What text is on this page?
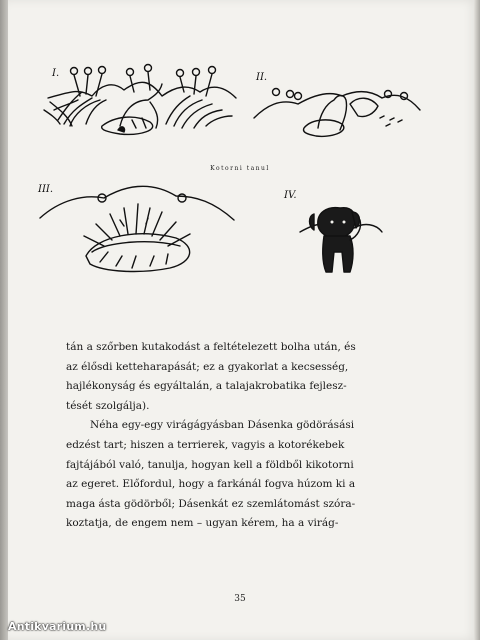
I.	II.
III.
IV.
Kotorni tanul

tán a szőrben kutakodást a feltételezett bolha után, és
az élősdi ketteharapását; ez a gyakorlat a kecsesség,
hajlékonyság és egyáltalán, a talajakrobatika fejlesz-
tését szolgálja).

Néha egy-egy virágágyásban Dásenka gödörásási
edzést tart; hiszen a terrierek, vagyis a kotorékebek
fajtájából való, tanulja, hogyan kell a földből kikotorni
az egeret. Előfordul, hogy a farkánál fogva húzom ki a
maga ásta gödörből; Dásenkát ez szemlátomást szóra-
koztatja, de engem nem – ugyan kérem, ha a virág-

35
Antikvarium.hu
